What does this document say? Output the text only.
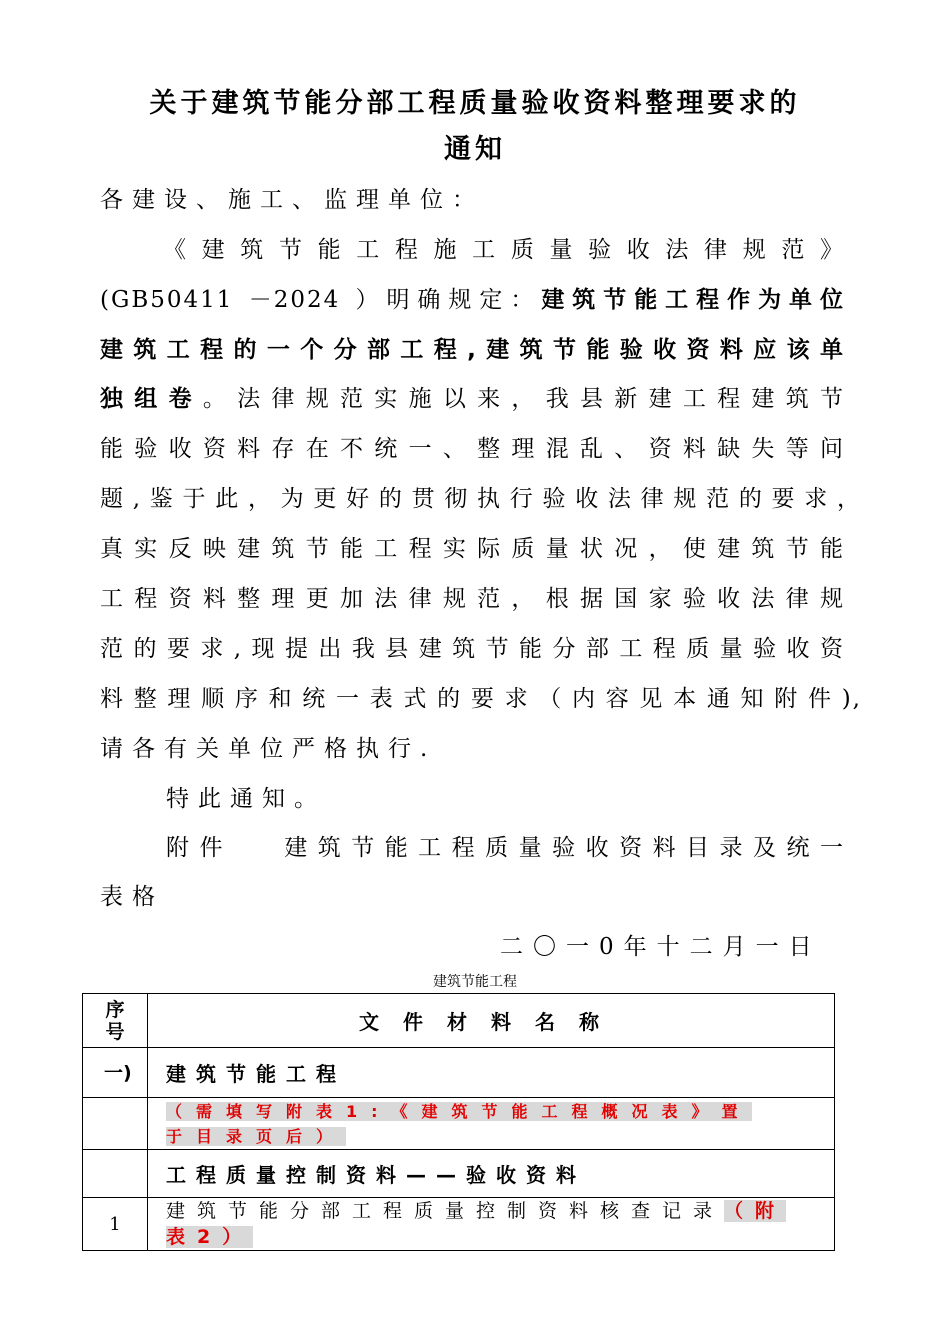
关于建筑节能分部工程质量验收资料整理要求的
通知

各建设、施工、监理单位：

《建筑节能工程施工质量验收法律规范》

(GB50411 －2024 ）明确规定：建筑节能工程作为单位

建筑工程的一个分部工程,建筑节能验收资料应该单

独组卷。法律规范实施以来，我县新建工程建筑节

能验收资料存在不统一、整理混乱、资料缺失等问

题,鉴于此，为更好的贯彻执行验收法律规范的要求，

真实反映建筑节能工程实际质量状况，使建筑节能

工程资料整理更加法律规范，根据国家验收法律规

范的要求,现提出我县建筑节能分部工程质量验收资

料整理顺序和统一表式的要求（内容见本通知附件),

请各有关单位严格执行.

特此通知。

附件　 建筑节能工程质量验收资料目录及统一

表格

二〇一0年十二月一日

建筑节能工程

序号	文件材料名称

一)	建筑节能工程

	（需填写附表1:《建筑节能工程概况表》置
于目录页后）

	工程质量控制资料——验收资料

1	建筑节能分部工程质量控制资料核查记录（附
表2）
